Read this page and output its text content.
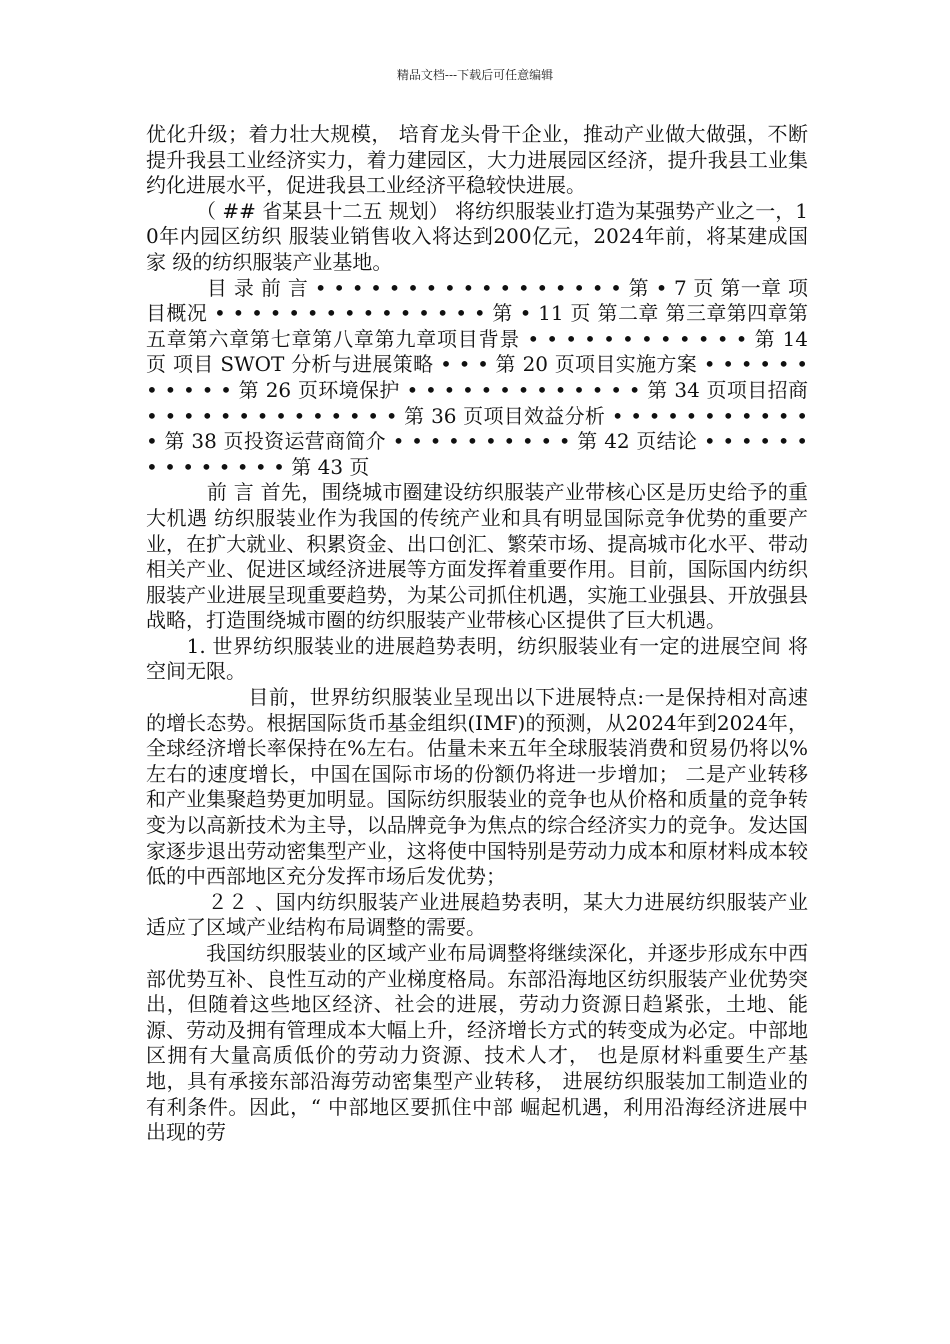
精品文档---下载后可任意编辑

优化升级；着力壮大规模， 培育龙头骨干企业，推动产业做大做强，不断提升我县工业经济实力，着力建园区，大力进展园区经济，提升我县工业集约化进展水平，促进我县工业经济平稳较快进展。

　　　（ ## 省某县十二五 规划） 将纺织服装业打造为某强势产业之一，10年内园区纺织 服装业销售收入将达到200亿元，2024年前，将某建成国家 级的纺织服装产业基地。

　　　目 录 前 言 • • • • • • • • • • • • • • • • • 第 • 7 页 第一章 项目概况 • • • • • • • • • • • • • • • 第 • 11 页 第二章 第三章第四章第五章第六章第七章第八章第九章项目背景 • • • • • • • • • • • • 第 14 页 项目 SWOT 分析与进展策略 • • • 第 20 页项目实施方案 • • • • • • • • • • • 第 26 页环境保护 • • • • • • • • • • • • • 第 34 页项目招商 • • • • • • • • • • • • • • 第 36 页项目效益分析 • • • • • • • • • • • • 第 38 页投资运营商简介 • • • • • • • • • • 第 42 页结论 • • • • • • • • • • • • • • 第 43 页

　　　前 言 首先，围绕城市圈建设纺织服装产业带核心区是历史给予的重大机遇 纺织服装业作为我国的传统产业和具有明显国际竞争优势的重要产业，在扩大就业、积累资金、出口创汇、繁荣市场、提高城市化水平、带动相关产业、促进区域经济进展等方面发挥着重要作用。目前，国际国内纺织服装产业进展呈现重要趋势，为某公司抓住机遇，实施工业强县、开放强县战略，打造围绕城市圈的纺织服装产业带核心区提供了巨大机遇。

　　1. 世界纺织服装业的进展趋势表明，纺织服装业有一定的进展空间 将空间无限。

　　　　　目前，世界纺织服装业呈现出以下进展特点:一是保持相对高速的增长态势。根据国际货币基金组织(IMF)的预测，从2024年到2024年，全球经济增长率保持在%左右。估量未来五年全球服装消费和贸易仍将以%左右的速度增长，中国在国际市场的份额仍将进一步增加； 二是产业转移和产业集聚趋势更加明显。国际纺织服装业的竞争也从价格和质量的竞争转变为以高新技术为主导，以品牌竞争为焦点的综合经济实力的竞争。发达国家逐步退出劳动密集型产业，这将使中国特别是劳动力成本和原材料成本较低的中西部地区充分发挥市场后发优势；

　　　２２ 、国内纺织服装产业进展趋势表明，某大力进展纺织服装产业适应了区域产业结构布局调整的需要。

　　　我国纺织服装业的区域产业布局调整将继续深化，并逐步形成东中西部优势互补、良性互动的产业梯度格局。东部沿海地区纺织服装产业优势突出，但随着这些地区经济、社会的进展，劳动力资源日趋紧张，土地、能源、劳动及拥有管理成本大幅上升，经济增长方式的转变成为必定。中部地区拥有大量高质低价的劳动力资源、技术人才， 也是原材料重要生产基地，具有承接东部沿海劳动密集型产业转移， 进展纺织服装加工制造业的有利条件。因此，“ 中部地区要抓住中部 崛起机遇，利用沿海经济进展中出现的劳
